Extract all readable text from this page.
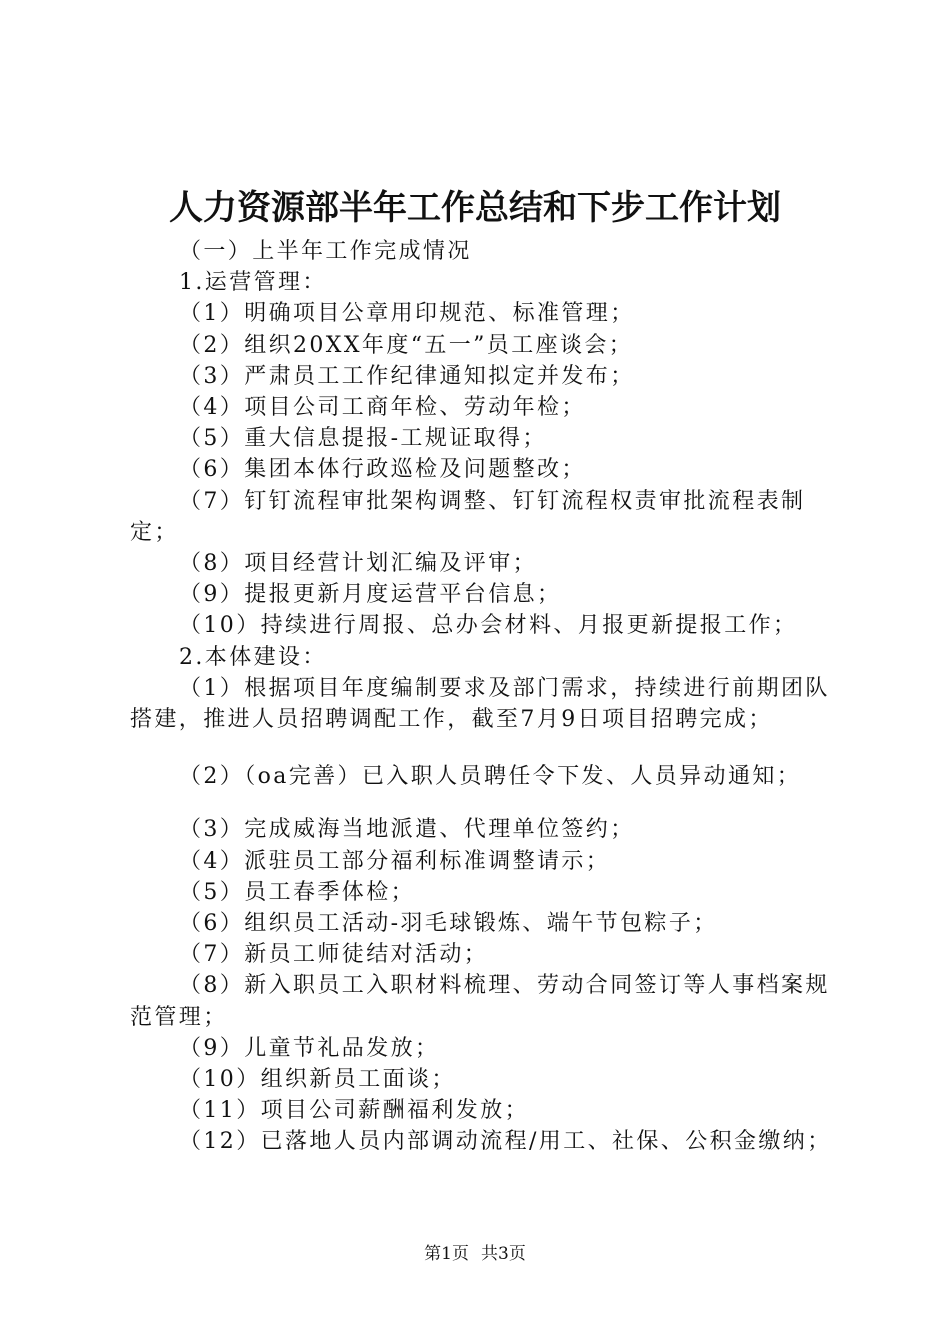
人力资源部半年工作总结和下步工作计划

（一）上半年工作完成情况

1.运营管理：

（1）明确项目公章用印规范、标准管理；

（2）组织20XX年度“五一”员工座谈会；

（3）严肃员工工作纪律通知拟定并发布；

（4）项目公司工商年检、劳动年检；

（5）重大信息提报-工规证取得；

（6）集团本体行政巡检及问题整改；

（7）钉钉流程审批架构调整、钉钉流程权责审批流程表制定；

（8）项目经营计划汇编及评审；

（9）提报更新月度运营平台信息；

（10）持续进行周报、总办会材料、月报更新提报工作；

2.本体建设：

（1）根据项目年度编制要求及部门需求，持续进行前期团队搭建，推进人员招聘调配工作，截至7月9日项目招聘完成；

（2）（oa完善）已入职人员聘任令下发、人员异动通知；

（3）完成威海当地派遣、代理单位签约；

（4）派驻员工部分福利标准调整请示；

（5）员工春季体检；

（6）组织员工活动-羽毛球锻炼、端午节包粽子；

（7）新员工师徒结对活动；

（8）新入职员工入职材料梳理、劳动合同签订等人事档案规范管理；

（9）儿童节礼品发放；

（10）组织新员工面谈；

（11）项目公司薪酬福利发放；

（12）已落地人员内部调动流程/用工、社保、公积金缴纳；

第1页 共3页
